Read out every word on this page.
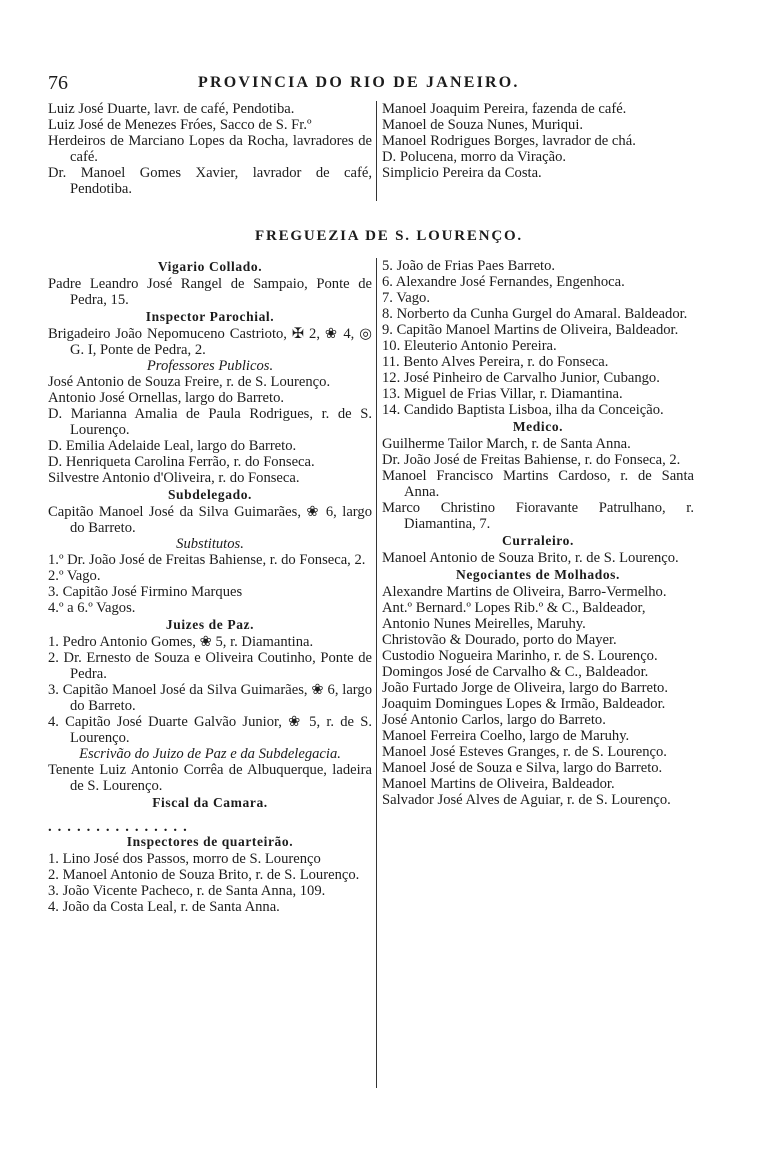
76	PROVINCIA DO RIO DE JANEIRO.

Luiz José Duarte, lavr. de café, Pendotiba.

Luiz José de Menezes Fróes, Sacco de S. Fr.º

Herdeiros de Marciano Lopes da Rocha, lavradores de café.

Dr. Manoel Gomes Xavier, lavrador de café, Pendotiba.

Manoel Joaquim Pereira, fazenda de café.

Manoel de Souza Nunes, Muriqui.

Manoel Rodrigues Borges, lavrador de chá.

D. Polucena, morro da Viração.

Simplicio Pereira da Costa.

FREGUEZIA DE S. LOURENÇO.

Vigario Collado.

Padre Leandro José Rangel de Sampaio, Ponte de Pedra, 15.

Inspector Parochial.

Brigadeiro João Nepomuceno Castrioto, ✠ 2, ❀ 4, ◎ G. I, Ponte de Pedra, 2.

Professores Publicos.

José Antonio de Souza Freire, r. de S. Lourenço.

Antonio José Ornellas, largo do Barreto.

D. Marianna Amalia de Paula Rodrigues, r. de S. Lourenço.

D. Emilia Adelaide Leal, largo do Barreto.

D. Henriqueta Carolina Ferrão, r. do Fonseca.

Silvestre Antonio d'Oliveira, r. do Fonseca.

Subdelegado.

Capitão Manoel José da Silva Guimarães, ❀ 6, largo do Barreto.

Substitutos.

1.º Dr. João José de Freitas Bahiense, r. do Fonseca, 2.

2.º Vago.

3. Capitão José Firmino Marques

4.º a 6.º Vagos.

Juizes de Paz.

1. Pedro Antonio Gomes, ❀ 5, r. Diamantina.

2. Dr. Ernesto de Souza e Oliveira Coutinho, Ponte de Pedra.

3. Capitão Manoel José da Silva Guimarães, ❀ 6, largo do Barreto.

4. Capitão José Duarte Galvão Junior, ❀ 5, r. de S. Lourenço.

Escrivão do Juizo de Paz e da Subdelegacia.

Tenente Luiz Antonio Corrêa de Albuquerque, ladeira de S. Lourenço.

Fiscal da Camara.

...............

Inspectores de quarteirão.

1. Lino José dos Passos, morro de S. Lourenço

2. Manoel Antonio de Souza Brito, r. de S. Lourenço.

3. João Vicente Pacheco, r. de Santa Anna, 109.

4. João da Costa Leal, r. de Santa Anna.

5. João de Frias Paes Barreto.

6. Alexandre José Fernandes, Engenhoca.

7. Vago.

8. Norberto da Cunha Gurgel do Amaral. Baldeador.

9. Capitão Manoel Martins de Oliveira, Baldeador.

10. Eleuterio Antonio Pereira.

11. Bento Alves Pereira, r. do Fonseca.

12. José Pinheiro de Carvalho Junior, Cubango.

13. Miguel de Frias Villar, r. Diamantina.

14. Candido Baptista Lisboa, ilha da Conceição.

Medico.

Guilherme Tailor March, r. de Santa Anna.

Dr. João José de Freitas Bahiense, r. do Fonseca, 2.

Manoel Francisco Martins Cardoso, r. de Santa Anna.

Marco Christino Fioravante Patrulhano, r. Diamantina, 7.

Curraleiro.

Manoel Antonio de Souza Brito, r. de S. Lourenço.

Negociantes de Molhados.

Alexandre Martins de Oliveira, Barro-Vermelho.

Ant.º Bernard.º Lopes Rib.º & C., Baldeador,

Antonio Nunes Meirelles, Maruhy.

Christovão & Dourado, porto do Mayer.

Custodio Nogueira Marinho, r. de S. Lourenço.

Domingos José de Carvalho & C., Baldeador.

João Furtado Jorge de Oliveira, largo do Barreto.

Joaquim Domingues Lopes & Irmão, Baldeador.

José Antonio Carlos, largo do Barreto.

Manoel Ferreira Coelho, largo de Maruhy.

Manoel José Esteves Granges, r. de S. Lourenço.

Manoel José de Souza e Silva, largo do Barreto.

Manoel Martins de Oliveira, Baldeador.

Salvador José Alves de Aguiar, r. de S. Lourenço.
